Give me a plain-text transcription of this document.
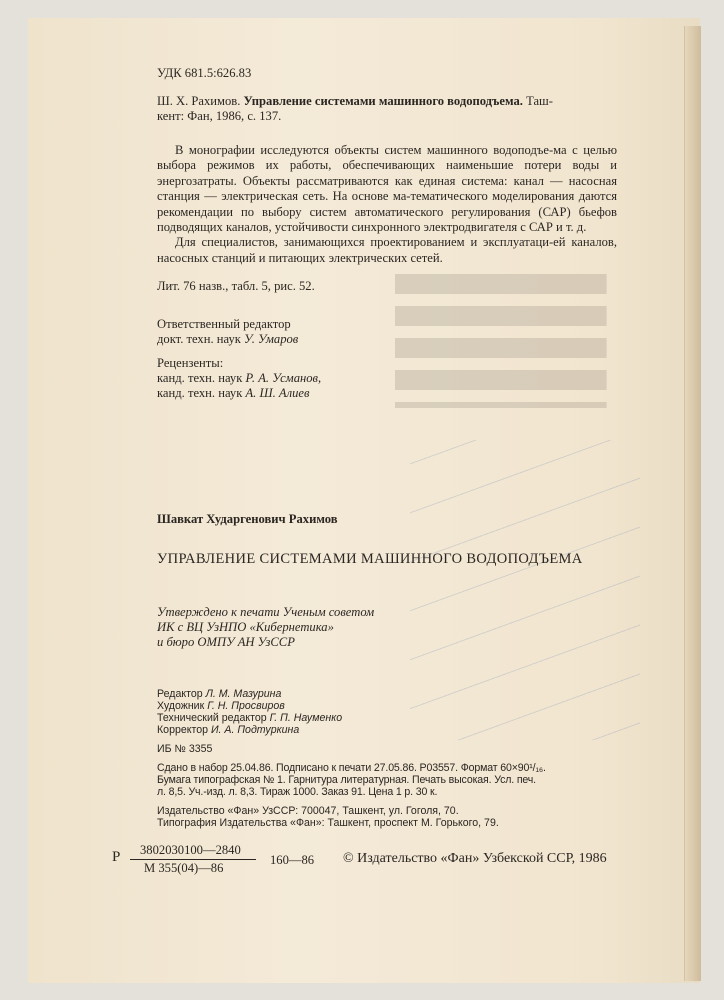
УДК 681.5:626.83

Ш. Х. Рахимов. Управление системами машинного водоподъема. Таш-

кент: Фан, 1986, с. 137.

В монографии исследуются объекты систем машинного водоподъе-ма с целью выбора режимов их работы, обеспечивающих наименьшие потери воды и энергозатраты. Объекты рассматриваются как единая система: канал — насосная станция — электрическая сеть. На основе ма-тематического моделирования даются рекомендации по выбору систем автоматического регулирования (САР) бьефов подводящих каналов, устойчивости синхронного электродвигателя с САР и т. д.

Для специалистов, занимающихся проектированием и эксплуатаци-ей каналов, насосных станций и питающих электрических сетей.

Лит. 76 назв., табл. 5, рис. 52.

Ответственный редактор

докт. техн. наук У. Умаров

Рецензенты:

канд. техн. наук Р. А. Усманов,

канд. техн. наук А. Ш. Алиев

Шавкат Хударгенович Рахимов

УПРАВЛЕНИЕ СИСТЕМАМИ МАШИННОГО ВОДОПОДЪЕМА

Утверждено к печати Ученым советом

ИК с ВЦ УзНПО «Кибернетика»

и бюро ОМПУ АН УзССР

Редактор Л. М. Мазурина

Художник Г. Н. Просвиров

Технический редактор Г. П. Науменко

Корректор И. А. Подтуркина

ИБ № 3355

Сдано в набор 25.04.86. Подписано к печати 27.05.86. Р03557. Формат 60×90¹/₁₆.

Бумага типографская № 1. Гарнитура литературная. Печать высокая. Усл. печ.

л. 8,5. Уч.-изд. л. 8,3. Тираж 1000. Заказ 91. Цена 1 р. 30 к.

Издательство «Фан» УзССР: 700047, Ташкент, ул. Гоголя, 70.

Типография Издательства «Фан»: Ташкент, проспект М. Горького, 79.

Р 3802030100—2840

М 355(04)—86

160—86 © Издательство «Фан» Узбекской ССР, 1986
